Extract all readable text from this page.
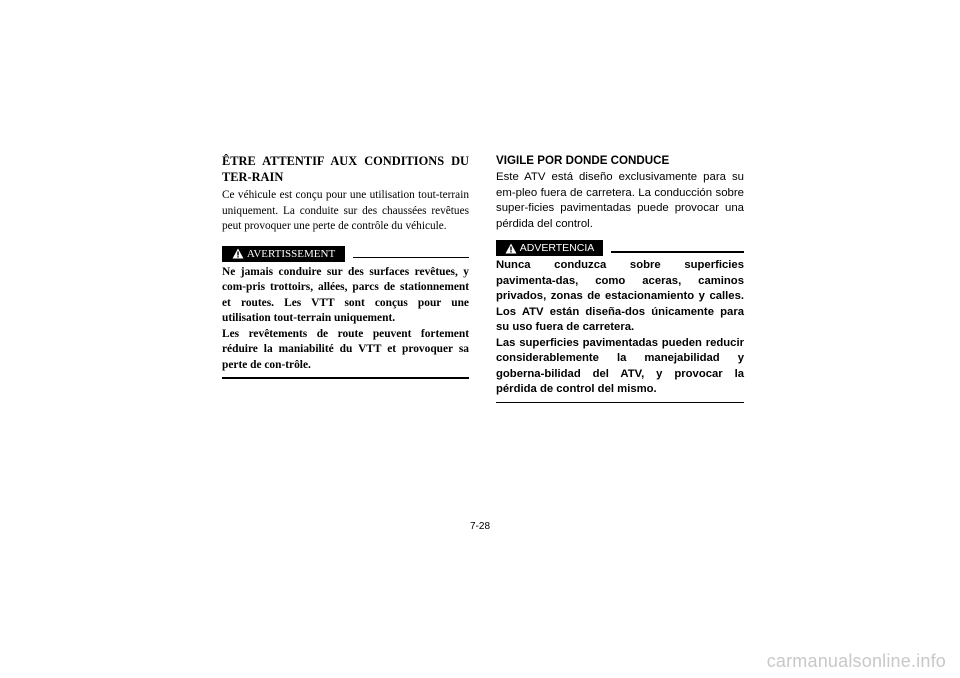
ÊTRE ATTENTIF AUX CONDITIONS DU TER-RAIN

Ce véhicule est conçu pour une utilisation tout-terrain uniquement. La conduite sur des chaussées revêtues peut provoquer une perte de contrôle du véhicule.

AVERTISSEMENT

Ne jamais conduire sur des surfaces revêtues, y com-pris trottoirs, allées, parcs de stationnement et routes. Les VTT sont conçus pour une utilisation tout-terrain uniquement.

Les revêtements de route peuvent fortement réduire la maniabilité du VTT et provoquer sa perte de con-trôle.

VIGILE POR DONDE CONDUCE

Este ATV está diseño exclusivamente para su em-pleo fuera de carretera. La conducción sobre super-ficies pavimentadas puede provocar una pérdida del control.

ADVERTENCIA

Nunca conduzca sobre superficies pavimenta-das, como aceras, caminos privados, zonas de estacionamiento y calles. Los ATV están diseña-dos únicamente para su uso fuera de carretera.

Las superficies pavimentadas pueden reducir considerablemente la manejabilidad y goberna-bilidad del ATV, y provocar la pérdida de control del mismo.

7-28
carmanualsonline.info
